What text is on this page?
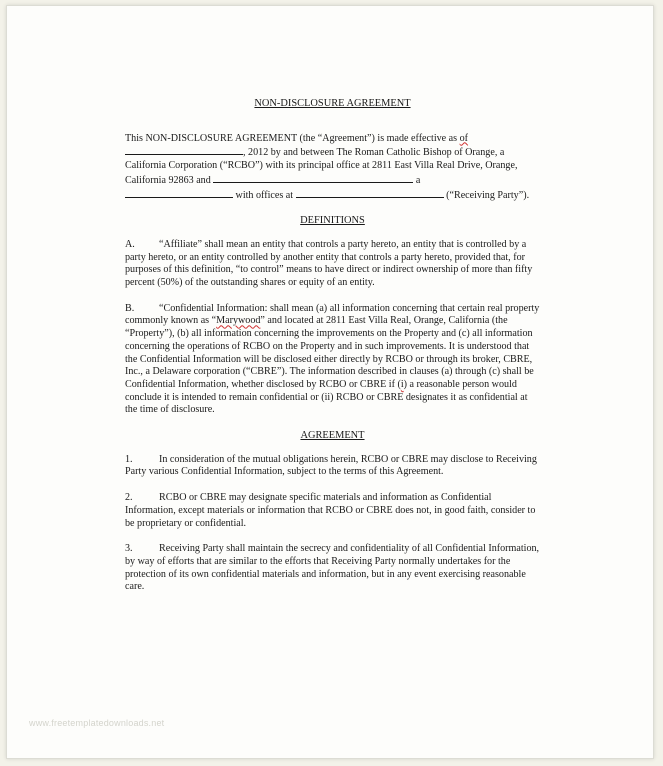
NON-DISCLOSURE AGREEMENT

This NON-DISCLOSURE AGREEMENT (the “Agreement”) is made effective as of
, 2012 by and between The Roman Catholic Bishop of Orange, a California Corporation (“RCBO”) with its principal office at 2811 East Villa Real Drive, Orange, California 92863 and	a
with offices at	(“Receiving Party”).

DEFINITIONS

A. “Affiliate” shall mean an entity that controls a party hereto, an entity that is controlled by a party hereto, or an entity controlled by another entity that controls a party hereto, provided that, for purposes of this definition, “to control” means to have direct or indirect ownership of more than fifty percent (50%) of the outstanding shares or equity of an entity.

B. “Confidential Information: shall mean (a) all information concerning that certain real property commonly known as “Marywood” and located at 2811 East Villa Real, Orange, California (the “Property”), (b) all information concerning the improvements on the Property and (c) all information concerning the operations of RCBO on the Property and in such improvements. It is understood that the Confidential Information will be disclosed either directly by RCBO or through its broker, CBRE, Inc., a Delaware corporation (“CBRE”). The information described in clauses (a) through (c) shall be Confidential Information, whether disclosed by RCBO or CBRE if (i) a reasonable person would conclude it is intended to remain confidential or (ii) RCBO or CBRE designates it as confidential at the time of disclosure.

AGREEMENT

1.	In consideration of the mutual obligations herein, RCBO or CBRE may disclose to Receiving Party various Confidential Information, subject to the terms of this Agreement.

2.	RCBO or CBRE may designate specific materials and information as Confidential Information, except materials or information that RCBO or CBRE does not, in good faith, consider to be proprietary or confidential.

3.	Receiving Party shall maintain the secrecy and confidentiality of all Confidential Information, by way of efforts that are similar to the efforts that Receiving Party normally undertakes for the protection of its own confidential materials and information, but in any event exercising reasonable care.

www.freetemplatedownloads.net
